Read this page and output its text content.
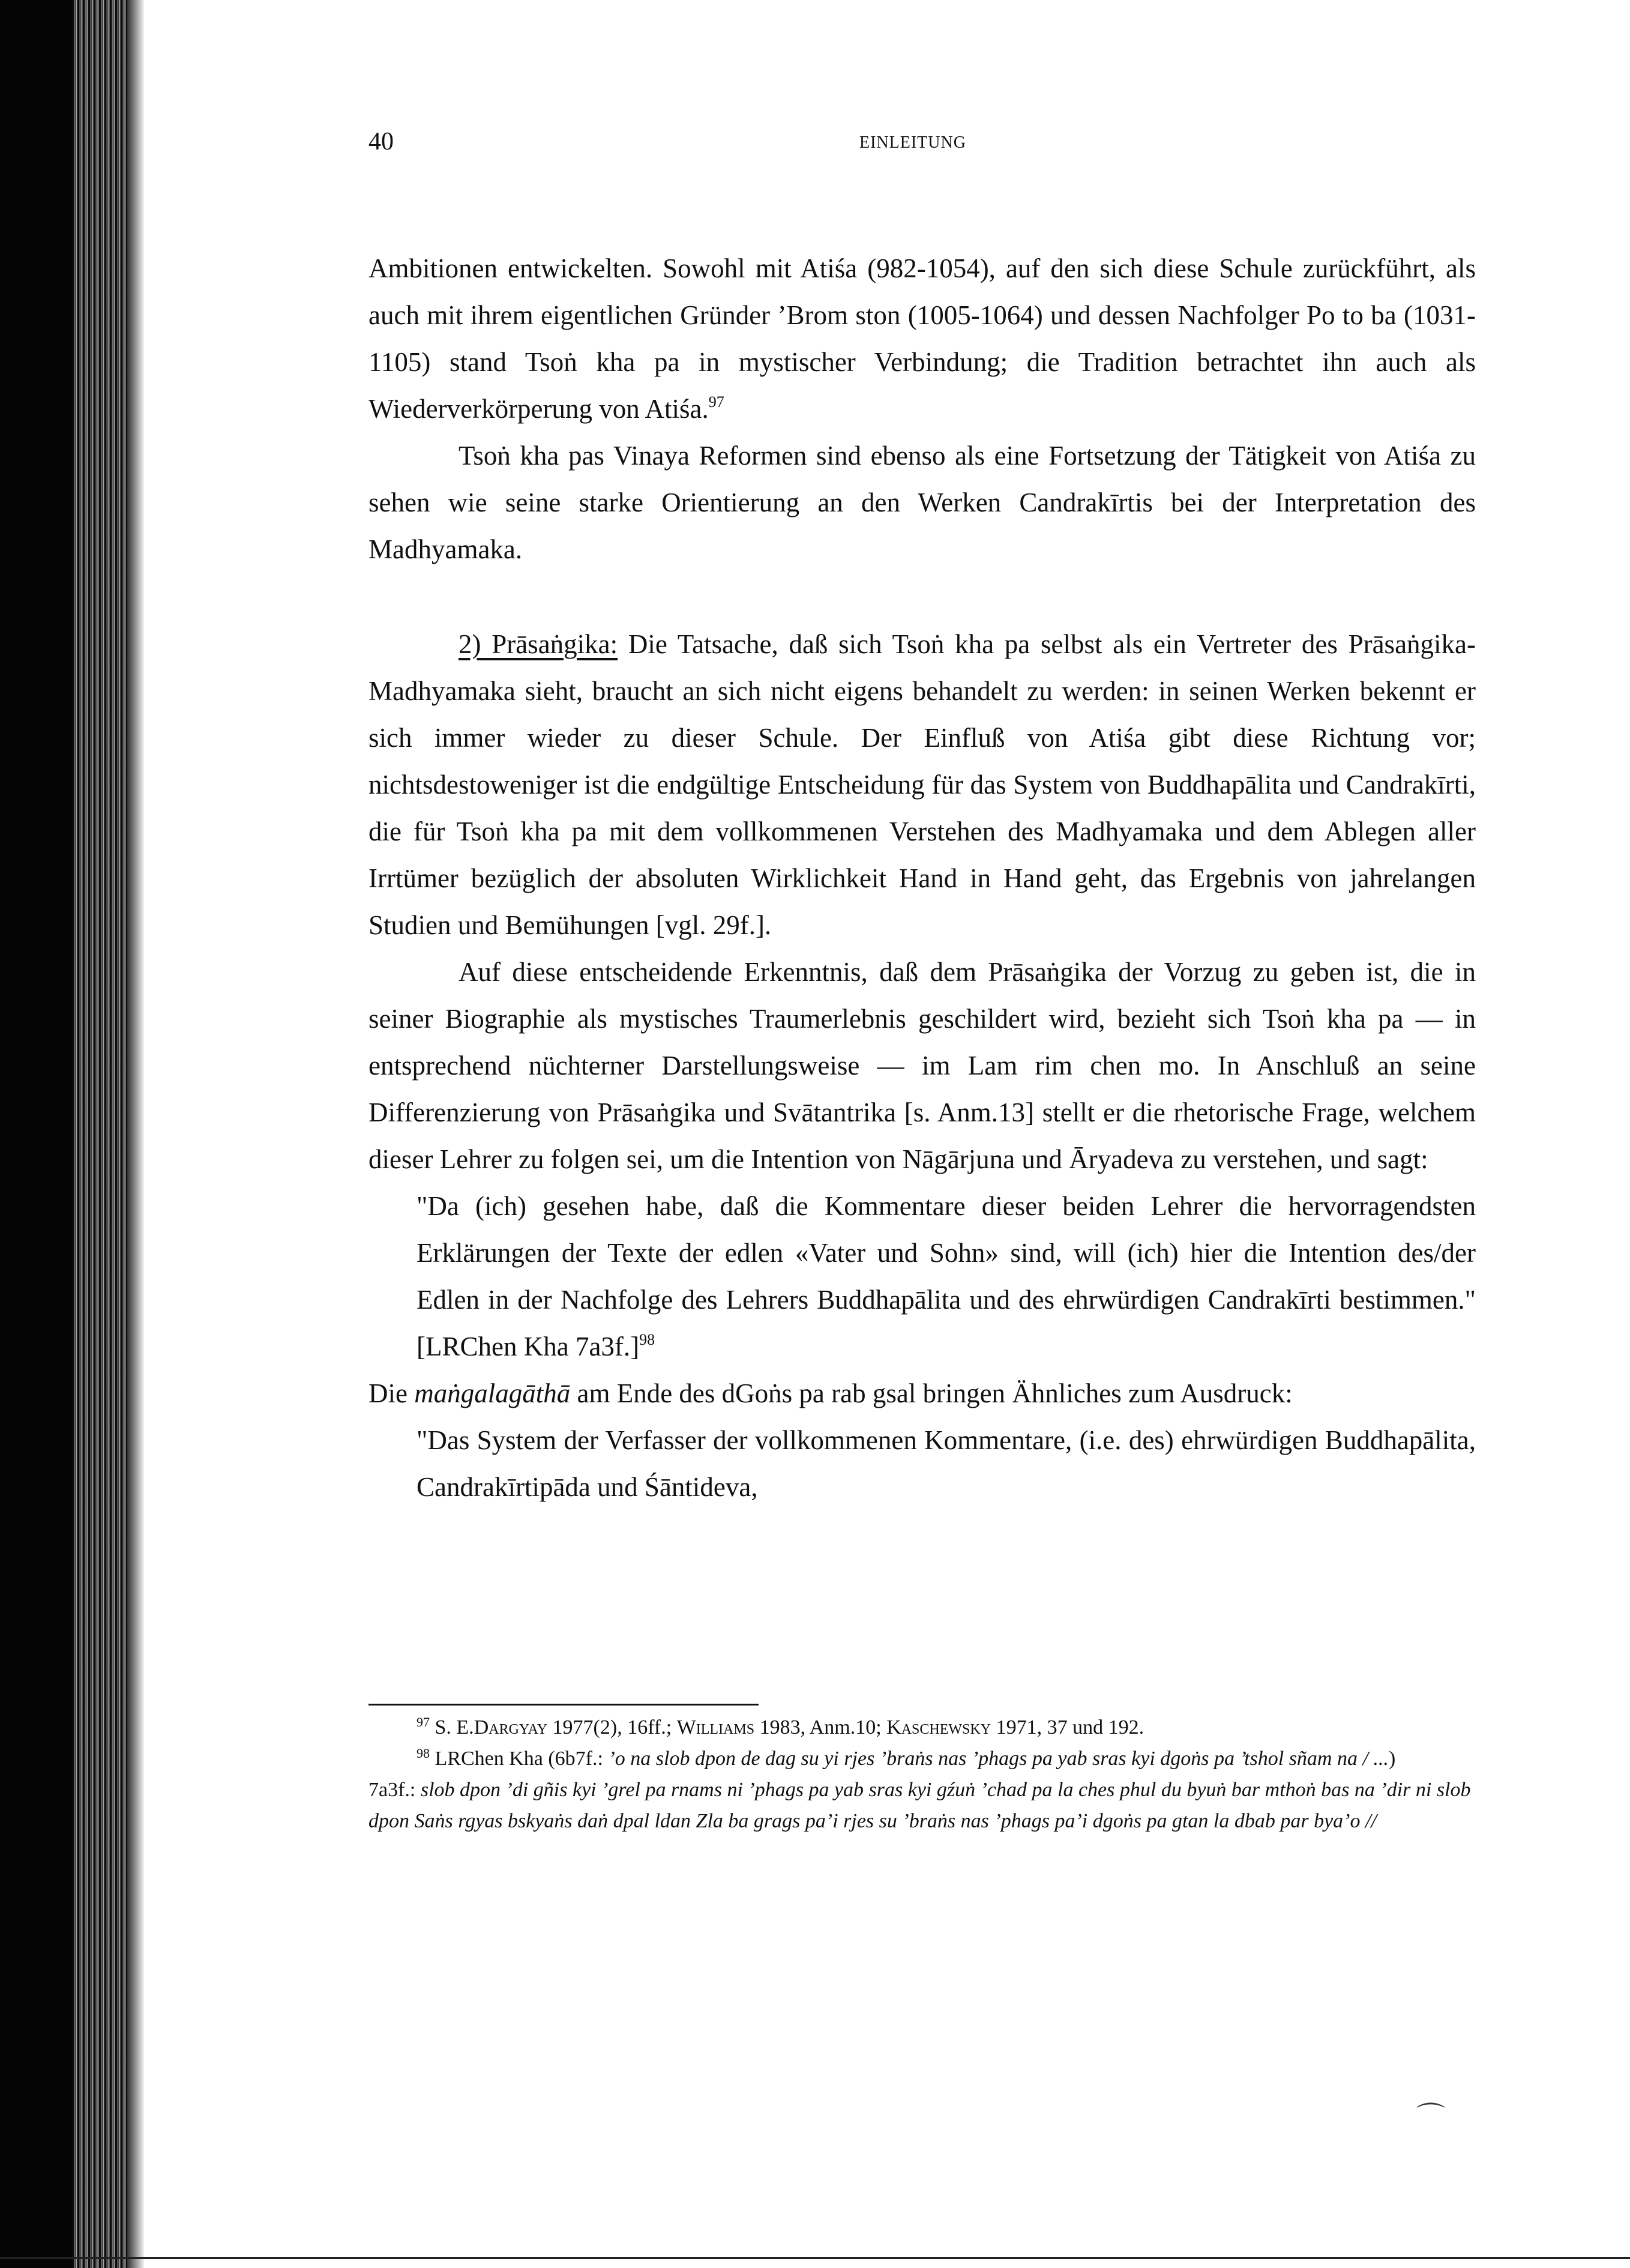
40	EINLEITUNG

Ambitionen entwickelten. Sowohl mit Atiśa (982-1054), auf den sich diese Schule zurückführt, als auch mit ihrem eigentlichen Gründer ’Brom ston (1005-1064) und dessen Nachfolger Po to ba (1031-1105) stand Tsoṅ kha pa in mystischer Verbindung; die Tradition betrachtet ihn auch als Wiederverkörperung von Atiśa.$^{97}$

Tsoṅ kha pas Vinaya Reformen sind ebenso als eine Fortsetzung der Tätigkeit von Atiśa zu sehen wie seine starke Orientierung an den Werken Candrakīrtis bei der Interpretation des Madhyamaka.

2) Prāsaṅgika: Die Tatsache, daß sich Tsoṅ kha pa selbst als ein Vertreter des Prāsaṅgika-Madhyamaka sieht, braucht an sich nicht eigens behandelt zu werden: in seinen Werken bekennt er sich immer wieder zu dieser Schule. Der Einfluß von Atiśa gibt diese Richtung vor; nichtsdestoweniger ist die endgültige Entscheidung für das System von Buddhapālita und Candrakīrti, die für Tsoṅ kha pa mit dem vollkommenen Verstehen des Madhyamaka und dem Ablegen aller Irrtümer bezüglich der absoluten Wirklichkeit Hand in Hand geht, das Ergebnis von jahrelangen Studien und Bemühungen [vgl. 29f.].

Auf diese entscheidende Erkenntnis, daß dem Prāsaṅgika der Vorzug zu geben ist, die in seiner Biographie als mystisches Traumerlebnis geschildert wird, bezieht sich Tsoṅ kha pa — in entsprechend nüchterner Darstellungsweise — im Lam rim chen mo. In Anschluß an seine Differenzierung von Prāsaṅgika und Svātantrika [s. Anm.13] stellt er die rhetorische Frage, welchem dieser Lehrer zu folgen sei, um die Intention von Nāgārjuna und Āryadeva zu verstehen, und sagt:

"Da (ich) gesehen habe, daß die Kommentare dieser beiden Lehrer die hervorragendsten Erklärungen der Texte der edlen «Vater und Sohn» sind, will (ich) hier die Intention des/der Edlen in der Nachfolge des Lehrers Buddhapālita und des ehrwürdigen Candrakīrti bestimmen." [LRChen Kha 7a3f.]$^{98}$

Die maṅgalagāthā am Ende des dGoṅs pa rab gsal bringen Ähnliches zum Ausdruck:

"Das System der Verfasser der vollkommenen Kommentare, (i.e. des) ehrwürdigen Buddhapālita, Candrakīrtipāda und Śāntideva,

$^{97}$ S. E.Dargyay 1977(2), 16ff.; Williams 1983, Anm.10; Kaschewsky 1971, 37 und 192.

$^{98}$ LRChen Kha (6b7f.: ’o na slob dpon de dag su yi rjes ’braṅs nas ’phags pa yab sras kyi dgoṅs pa ’tshol sñam na / ...)

7a3f.: slob dpon ’di gñis kyi ’grel pa rnams ni ’phags pa yab sras kyi gźuṅ ’chad pa la ches phul du byuṅ bar mthoṅ bas na ’dir ni slob dpon Saṅs rgyas bskyaṅs daṅ dpal ldan Zla ba grags pa’i rjes su ’braṅs nas ’phags pa’i dgoṅs pa gtan la dbab par bya’o //

⌒
